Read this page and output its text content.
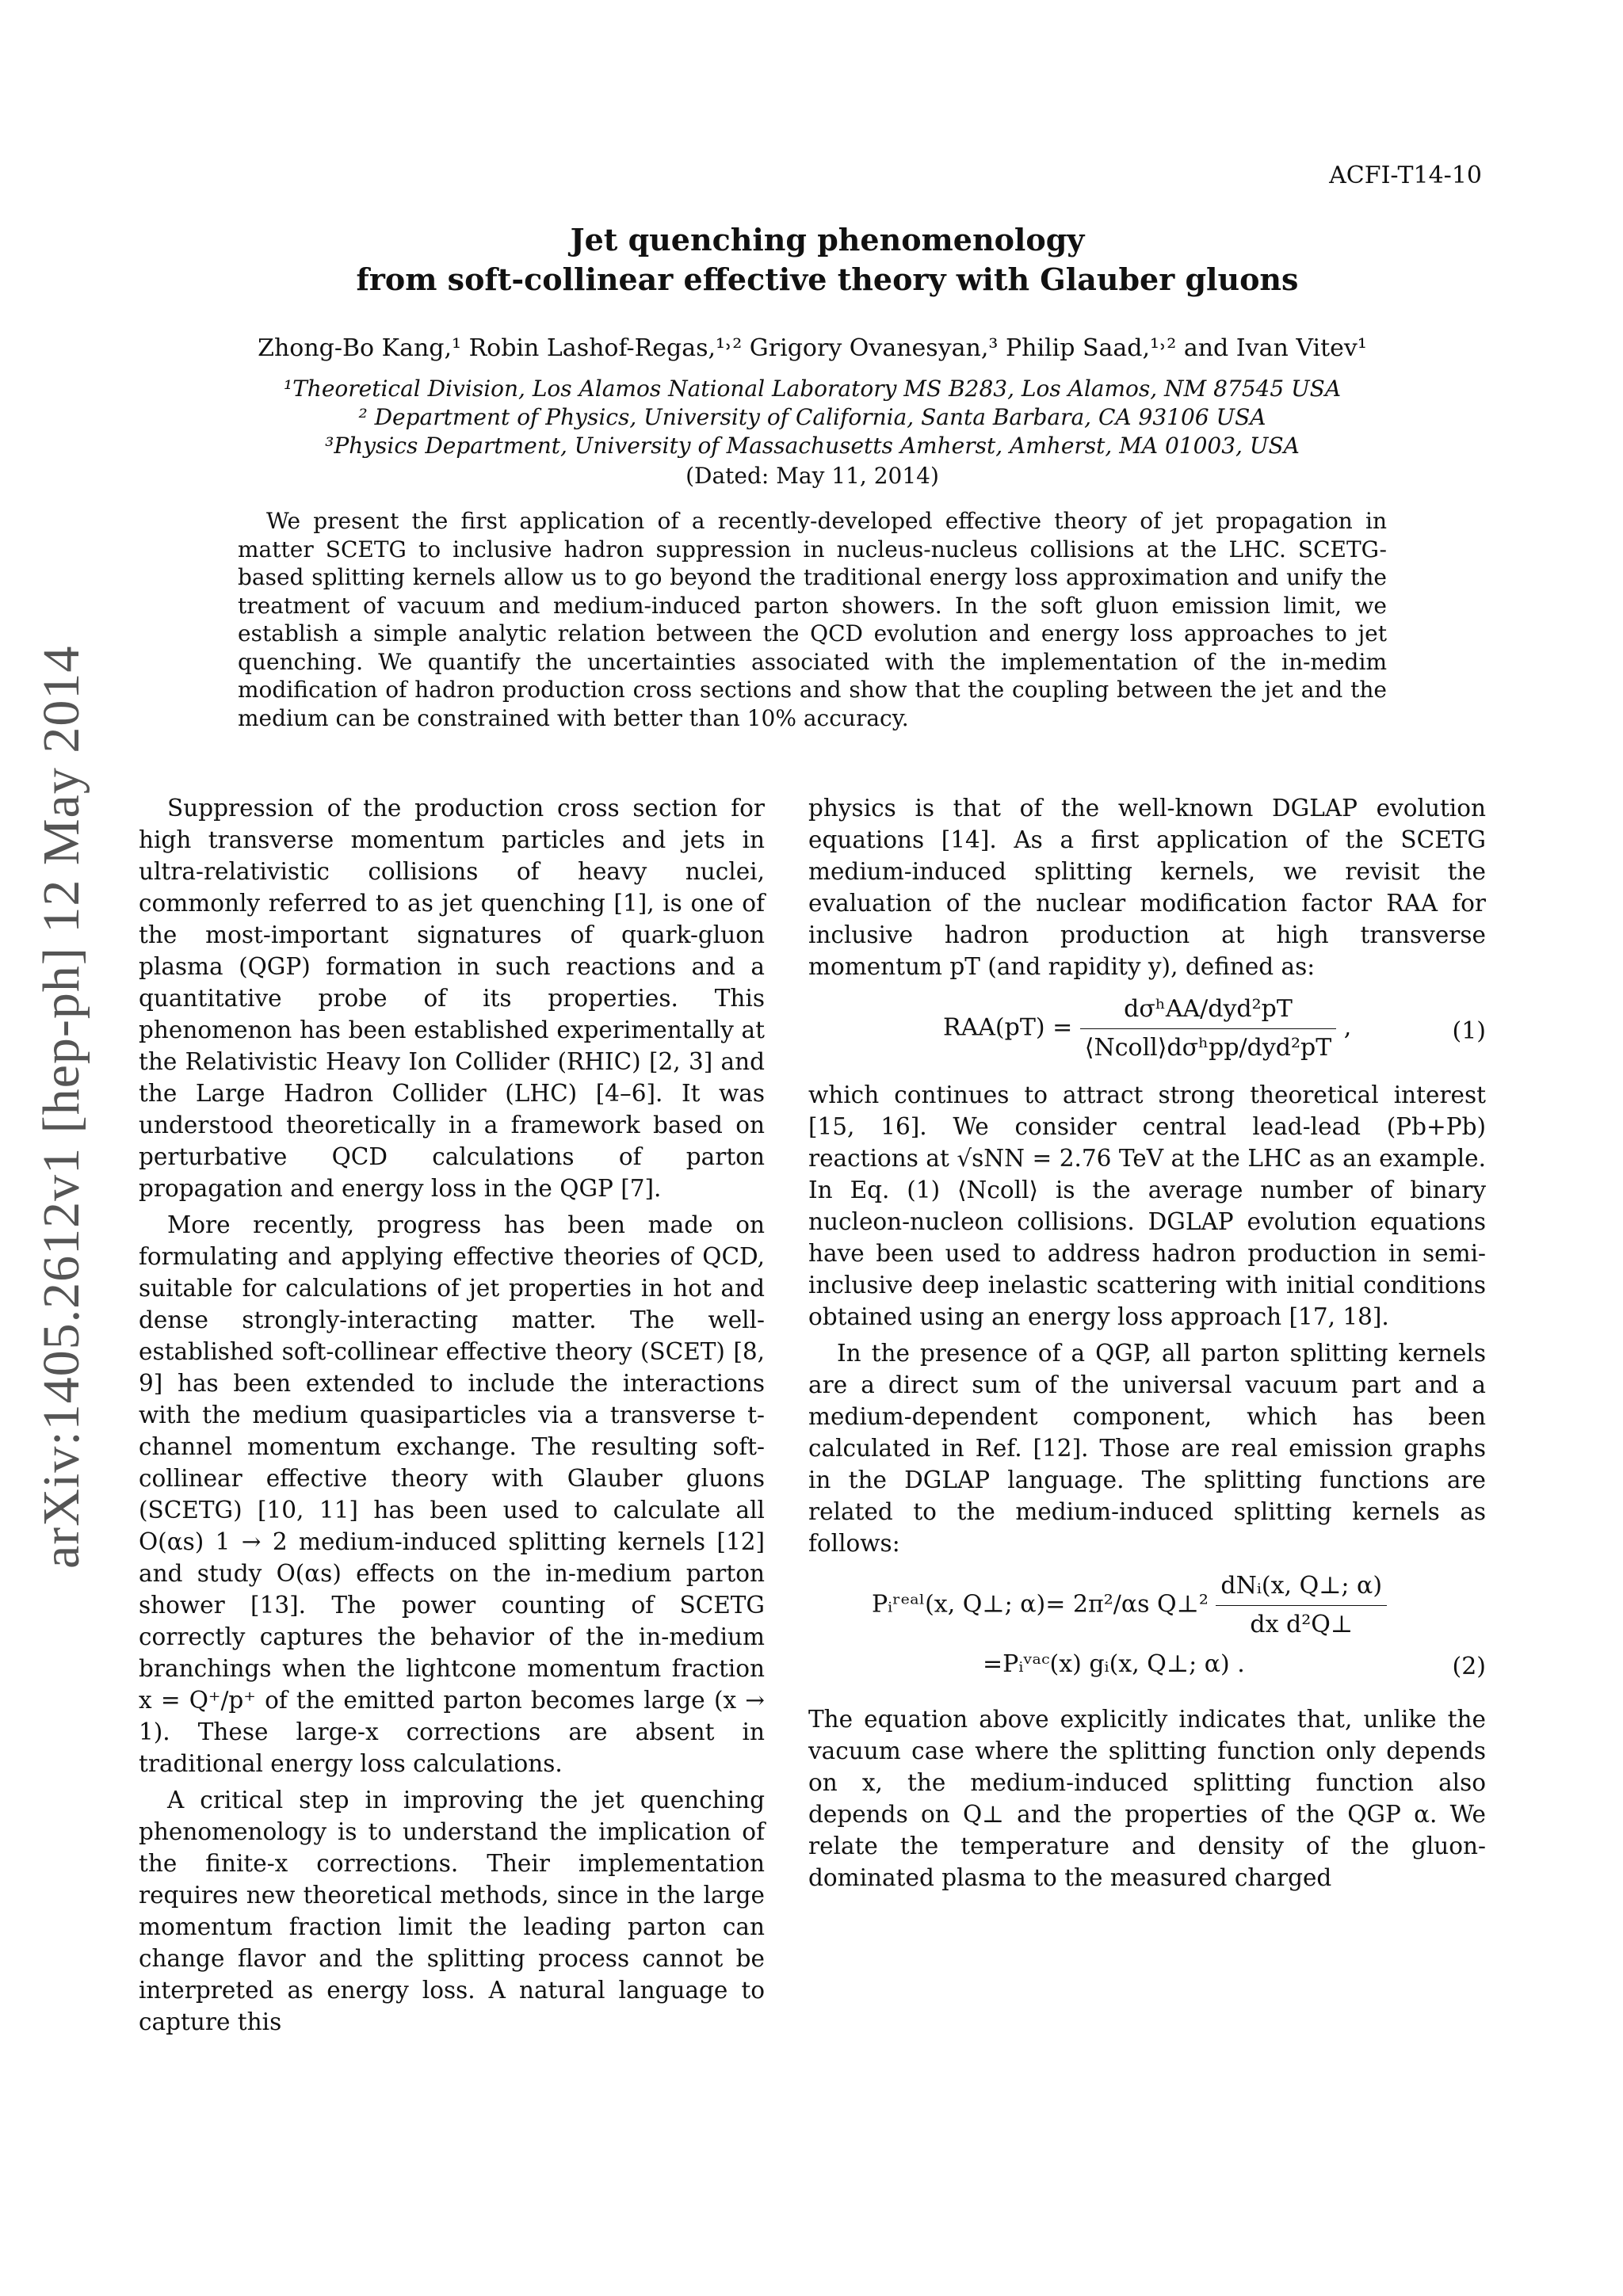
ACFI-T14-10
Jet quenching phenomenology
from soft-collinear effective theory with Glauber gluons
Zhong-Bo Kang,¹ Robin Lashof-Regas,¹˒² Grigory Ovanesyan,³ Philip Saad,¹˒² and Ivan Vitev¹
¹Theoretical Division, Los Alamos National Laboratory MS B283, Los Alamos, NM 87545 USA
² Department of Physics, University of California, Santa Barbara, CA 93106 USA
³Physics Department, University of Massachusetts Amherst, Amherst, MA 01003, USA
(Dated: May 11, 2014)
We present the first application of a recently-developed effective theory of jet propagation in matter SCETG to inclusive hadron suppression in nucleus-nucleus collisions at the LHC. SCETG-based splitting kernels allow us to go beyond the traditional energy loss approximation and unify the treatment of vacuum and medium-induced parton showers. In the soft gluon emission limit, we establish a simple analytic relation between the QCD evolution and energy loss approaches to jet quenching. We quantify the uncertainties associated with the implementation of the in-medim modification of hadron production cross sections and show that the coupling between the jet and the medium can be constrained with better than 10% accuracy.
arXiv:1405.2612v1 [hep-ph] 12 May 2014	Suppression of the production cross section for high transverse momentum particles and jets in ultra-relativistic collisions of heavy nuclei, commonly referred to as jet quenching [1], is one of the most-important signatures of quark-gluon plasma (QGP) formation in such reactions and a quantitative probe of its properties. This phenomenon has been established experimentally at the Relativistic Heavy Ion Collider (RHIC) [2, 3] and the Large Hadron Collider (LHC) [4–6]. It was understood theoretically in a framework based on perturbative QCD calculations of parton propagation and energy loss in the QGP [7].

More recently, progress has been made on formulating and applying effective theories of QCD, suitable for calculations of jet properties in hot and dense strongly-interacting matter. The well-established soft-collinear effective theory (SCET) [8, 9] has been extended to include the interactions with the medium quasiparticles via a transverse t-channel momentum exchange. The resulting soft-collinear effective theory with Glauber gluons (SCETG) [10, 11] has been used to calculate all O(αs) 1 → 2 medium-induced splitting kernels [12] and study O(αs) effects on the in-medium parton shower [13]. The power counting of SCETG correctly captures the behavior of the in-medium branchings when the lightcone momentum fraction x = Q⁺/p⁺ of the emitted parton becomes large (x → 1). These large-x corrections are absent in traditional energy loss calculations.

A critical step in improving the jet quenching phenomenology is to understand the implication of the finite-x corrections. Their implementation requires new theoretical methods, since in the large momentum fraction limit the leading parton can change flavor and the splitting process cannot be interpreted as energy loss. A natural language to capture this

physics is that of the well-known DGLAP evolution equations [14]. As a first application of the SCETG medium-induced splitting kernels, we revisit the evaluation of the nuclear modification factor RAA for inclusive hadron production at high transverse momentum pT (and rapidity y), defined as:

$RAA(pT) = \frac{\text{dσʰAA/dyd²pT}}{\text{⟨Ncoll⟩dσʰpp/dyd²pT}}$ ,	(1)

which continues to attract strong theoretical interest [15, 16]. We consider central lead-lead (Pb+Pb) reactions at √sNN = 2.76 TeV at the LHC as an example. In Eq. (1) ⟨Ncoll⟩ is the average number of binary nucleon-nucleon collisions. DGLAP evolution equations have been used to address hadron production in semi-inclusive deep inelastic scattering with initial conditions obtained using an energy loss approach [17, 18].

In the presence of a QGP, all parton splitting kernels are a direct sum of the universal vacuum part and a medium-dependent component, which has been calculated in Ref. [12]. Those are real emission graphs in the DGLAP language. The splitting functions are related to the medium-induced splitting kernels as follows:

Pᵢʳᵉᵃˡ(x, Q⊥; α)= 2π²/αs Q⊥² $\frac{\text{dNᵢ(x, Q⊥; α)}}{\text{dx d²Q⊥}}$
=Pᵢᵛᵃᶜ(x) gᵢ(x, Q⊥; α) .	(2)

The equation above explicitly indicates that, unlike the vacuum case where the splitting function only depends on x, the medium-induced splitting function also depends on Q⊥ and the properties of the QGP α. We relate the temperature and density of the gluon-dominated plasma to the measured charged
